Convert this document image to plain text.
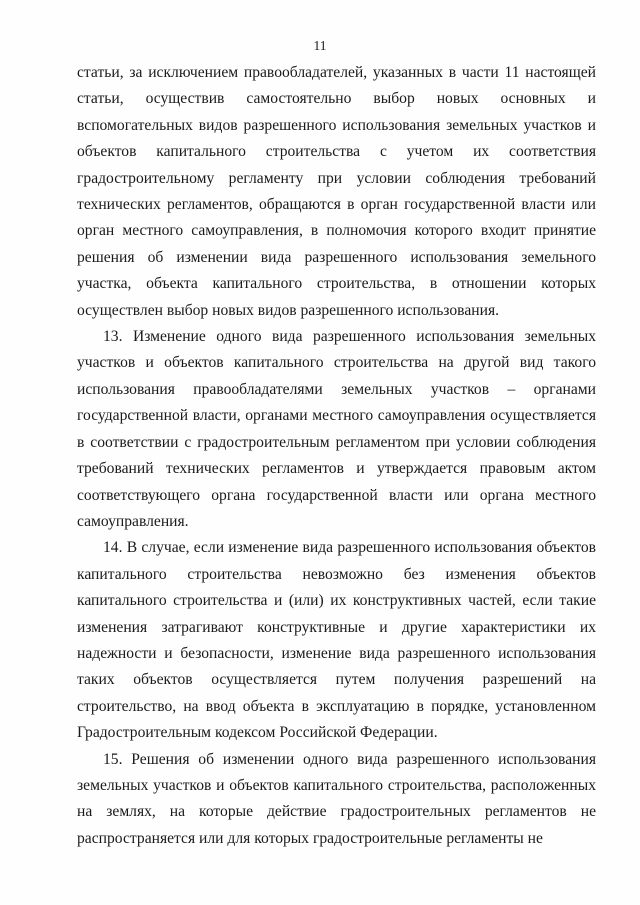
11

статьи, за исключением правообладателей, указанных в части 11 настоящей статьи, осуществив самостоятельно выбор новых основных и вспомогательных видов разрешенного использования земельных участков и объектов капитального строительства с учетом их соответствия градостроительному регламенту при условии соблюдения требований технических регламентов, обращаются в орган государственной власти или орган местного самоуправления, в полномочия которого входит принятие решения об изменении вида разрешенного использования земельного участка, объекта капитального строительства, в отношении которых осуществлен выбор новых видов разрешенного использования.

13. Изменение одного вида разрешенного использования земельных участков и объектов капитального строительства на другой вид такого использования правообладателями земельных участков – органами государственной власти, органами местного самоуправления осуществляется в соответствии с градостроительным регламентом при условии соблюдения требований технических регламентов и утверждается правовым актом соответствующего органа государственной власти или органа местного самоуправления.

14. В случае, если изменение вида разрешенного использования объектов капитального строительства невозможно без изменения объектов капитального строительства и (или) их конструктивных частей, если такие изменения затрагивают конструктивные и другие характеристики их надежности и безопасности, изменение вида разрешенного использования таких объектов осуществляется путем получения разрешений на строительство, на ввод объекта в эксплуатацию в порядке, установленном Градостроительным кодексом Российской Федерации.

15. Решения об изменении одного вида разрешенного использования земельных участков и объектов капитального строительства, расположенных на землях, на которые действие градостроительных регламентов не распространяется или для которых градостроительные регламенты не
